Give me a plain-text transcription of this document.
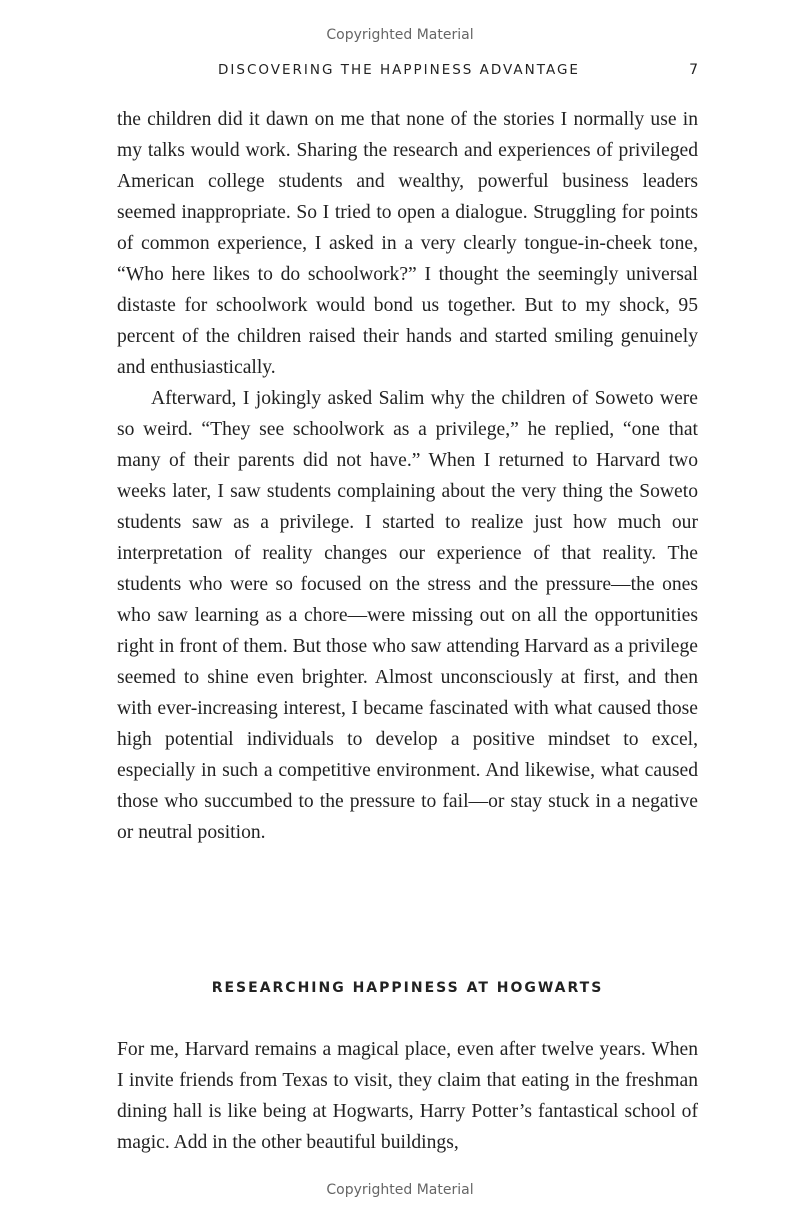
Copyrighted Material
DISCOVERING THE HAPPINESS ADVANTAGE	7

the children did it dawn on me that none of the stories I normally use in my talks would work. Sharing the research and experiences of privileged American college students and wealthy, powerful business leaders seemed inappropriate. So I tried to open a dialogue. Struggling for points of common experience, I asked in a very clearly tongue-in-cheek tone, “Who here likes to do schoolwork?” I thought the seemingly universal distaste for schoolwork would bond us together. But to my shock, 95 percent of the children raised their hands and started smiling genuinely and enthusiastically.

Afterward, I jokingly asked Salim why the children of Soweto were so weird. “They see schoolwork as a privilege,” he replied, “one that many of their parents did not have.” When I returned to Harvard two weeks later, I saw students complaining about the very thing the Soweto students saw as a privilege. I started to realize just how much our interpretation of reality changes our experience of that reality. The students who were so focused on the stress and the pressure—the ones who saw learning as a chore—were missing out on all the opportunities right in front of them. But those who saw attending Harvard as a privilege seemed to shine even brighter. Almost unconsciously at first, and then with ever-increasing interest, I became fascinated with what caused those high potential individuals to develop a positive mindset to excel, especially in such a competitive environment. And likewise, what caused those who succumbed to the pressure to fail—or stay stuck in a negative or neutral position.

RESEARCHING HAPPINESS AT HOGWARTS

For me, Harvard remains a magical place, even after twelve years. When I invite friends from Texas to visit, they claim that eating in the freshman dining hall is like being at Hogwarts, Harry Potter’s fantastical school of magic. Add in the other beautiful buildings,

Copyrighted Material
